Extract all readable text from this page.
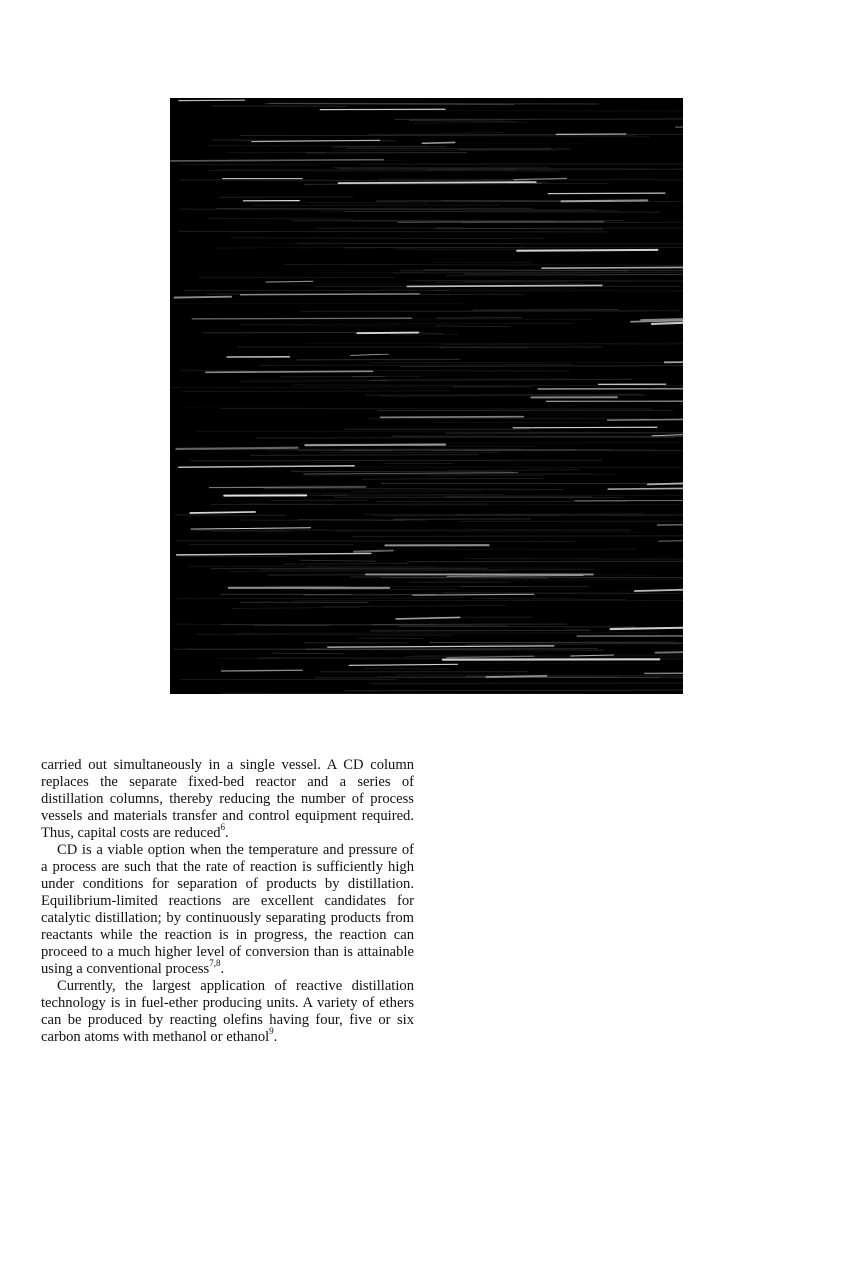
carried out simultaneously in a single vessel. A CD column replaces the separate fixed-bed reactor and a series of distillation columns, thereby reducing the number of process vessels and materials transfer and control equipment required. Thus, capital costs are reduced$^6$.

CD is a viable option when the temperature and pressure of a process are such that the rate of reaction is sufficiently high under conditions for separation of products by distillation. Equilibrium-limited reactions are excellent candidates for catalytic distillation; by continuously separating products from reactants while the reaction is in progress, the reaction can proceed to a much higher level of conversion than is attainable using a conventional process$^{7,8}$.

Currently, the largest application of reactive distillation technology is in fuel-ether producing units. A variety of ethers can be produced by reacting olefins having four, five or six carbon atoms with methanol or ethanol$^9$.
